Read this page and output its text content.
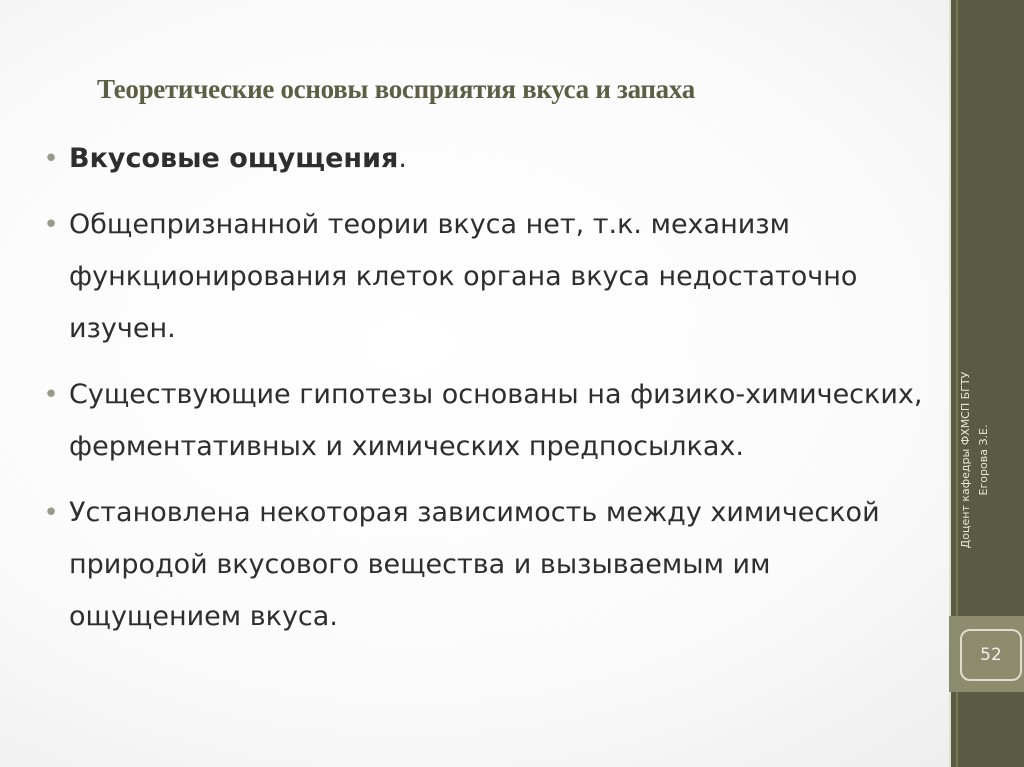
Теоретические основы восприятия вкуса и запаха
• Вкусовые ощущения.
• Общепризнанной теории вкуса нет, т.к. механизм функционирования клеток органа вкуса недостаточно изучен.
• Существующие гипотезы основаны на физико-химических, ферментативных и химических предпосылках.
• Установлена некоторая зависимость между химической природой вкусового вещества и вызываемым им ощущением вкуса.
Доцент кафедры ФХМСП БГТУ Егорова З.Е.
52
